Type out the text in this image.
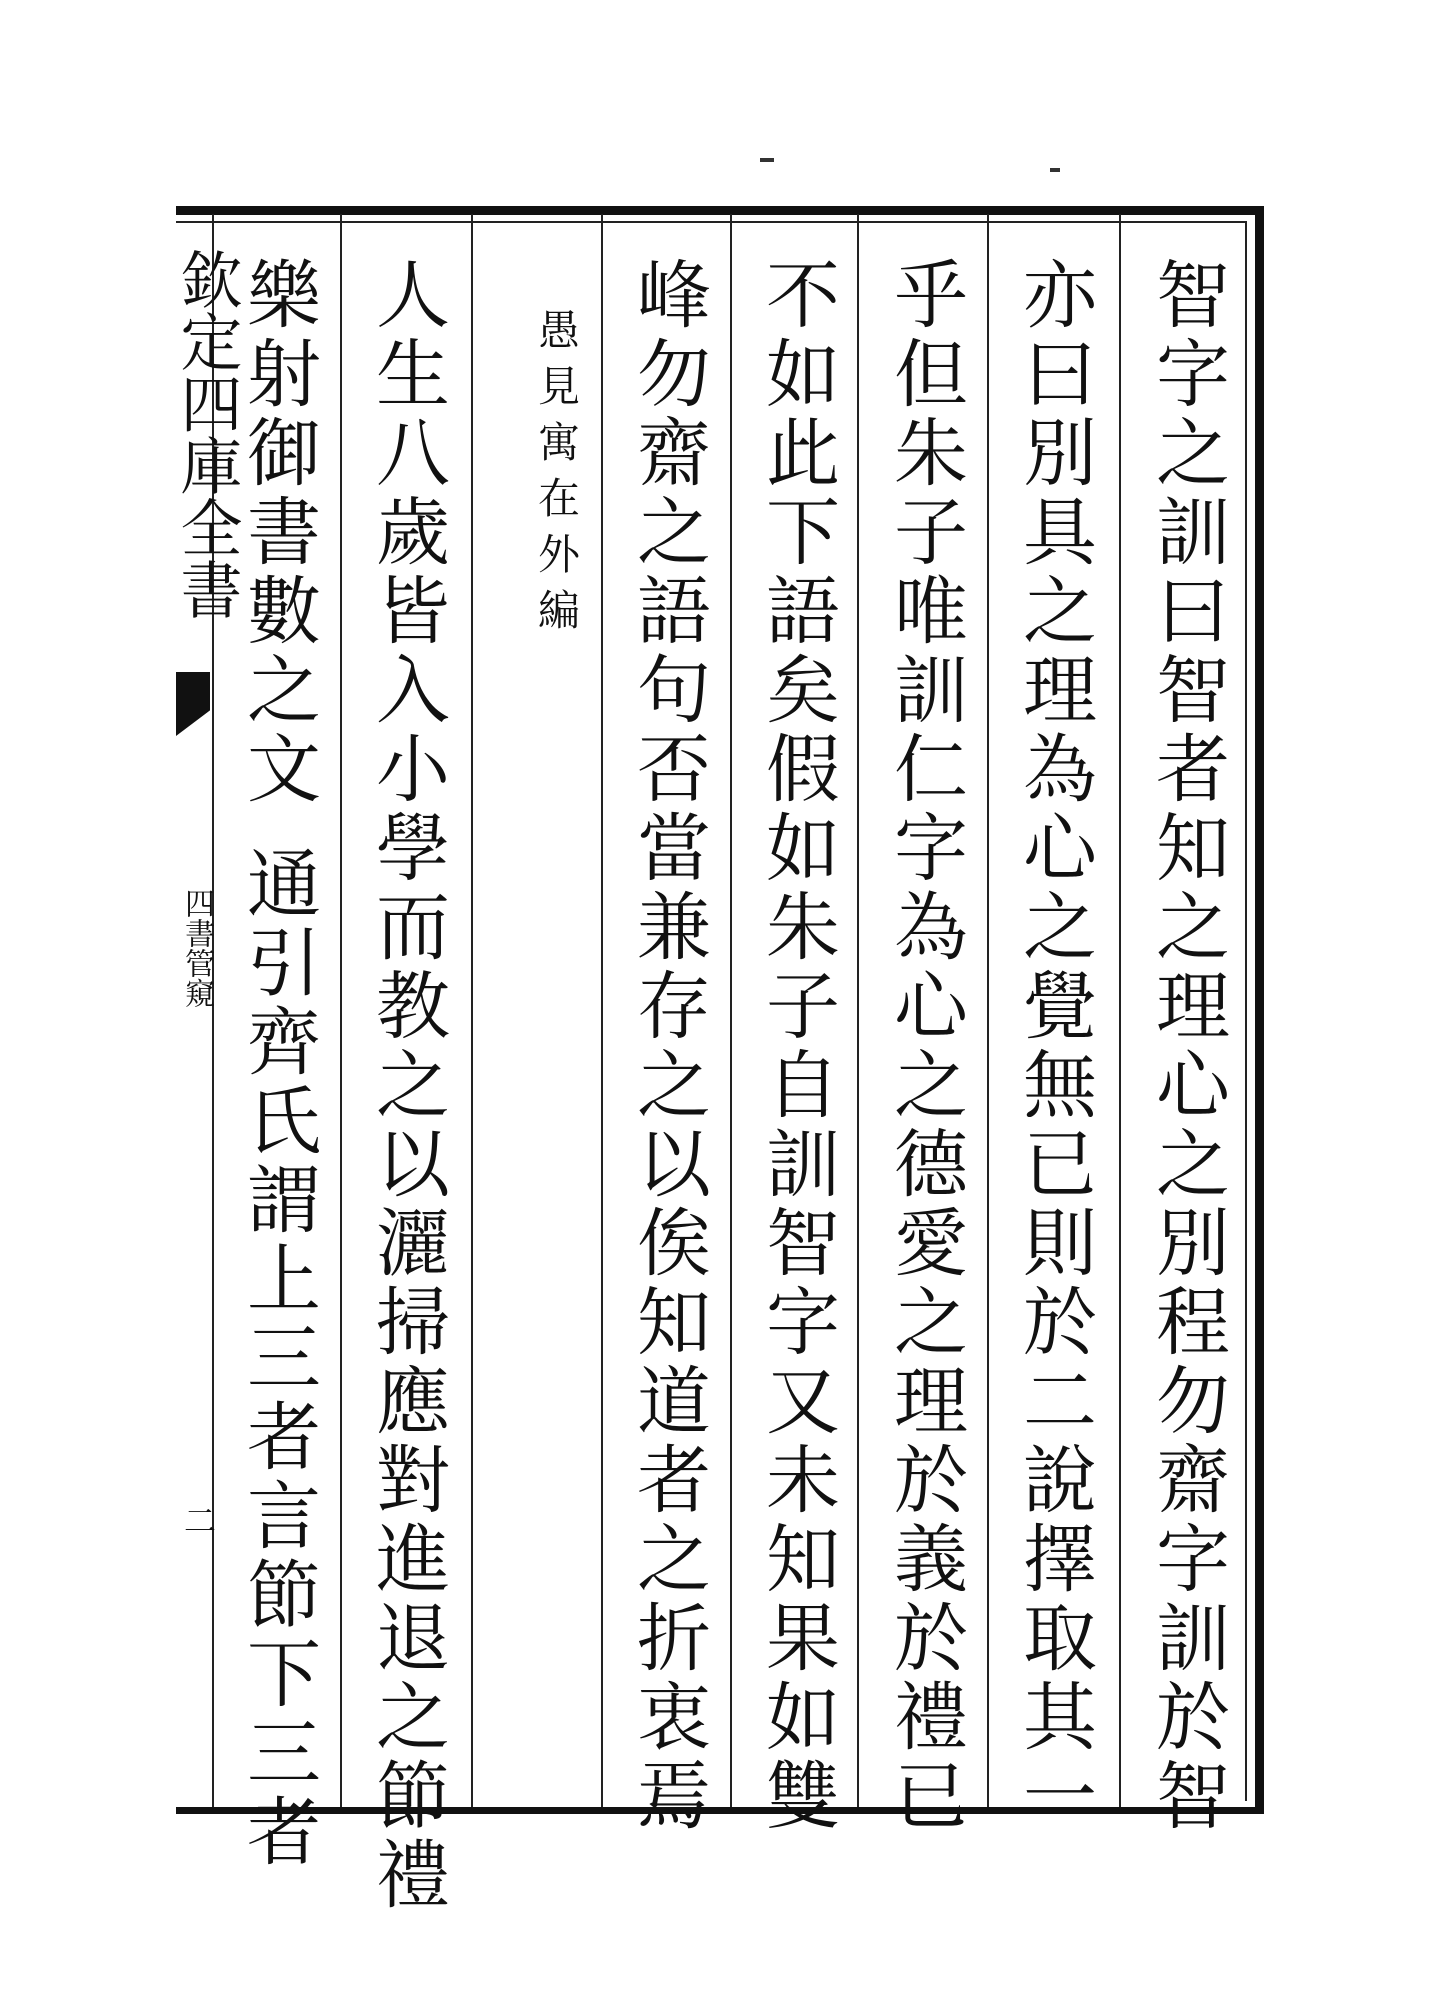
欽定四庫全書
四書管窺
二	智字之訓曰智者知之理心之別程勿齋字訓於智
亦曰別具之理為心之覺無已則於二說擇取其一
乎但朱子唯訓仁字為心之德愛之理於義於禮已
不如此下語矣假如朱子自訓智字又未知果如雙
峰勿齋之語句否當兼存之以俟知道者之折衷焉
愚見寓在外編
人生八歲皆入小學而教之以灑掃應對進退之節禮
樂射御書數之文通引齊氏謂上三者言節下三者
